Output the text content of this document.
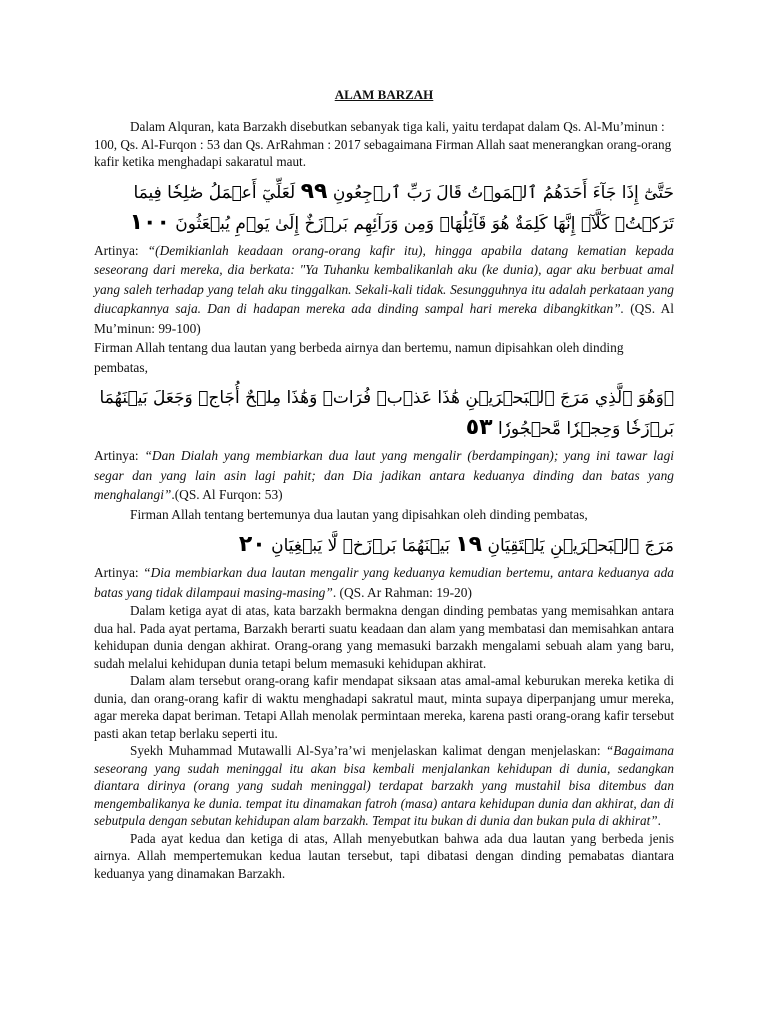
ALAM BARZAH

Dalam Alquran, kata Barzakh disebutkan sebanyak tiga kali, yaitu terdapat dalam Qs. Al-Mu’minun : 100, Qs. Al-Furqon : 53 dan Qs. ArRahman : 2017 sebagaimana Firman Allah saat menerangkan orang-orang kafir ketika menghadapi sakaratul maut.

حَتَّىٰٓ إِذَا جَآءَ أَحَدَهُمُ ٱلۡمَوۡتُ قَالَ رَبِّ ٱرۡجِعُونِ ٩٩ لَعَلِّيٓ أَعۡمَلُ صَٰلِحٗا فِيمَا تَرَكۡتُۚ كَلَّآۚ إِنَّهَا كَلِمَةٌ هُوَ قَآئِلُهَاۖ وَمِن وَرَآئِهِم بَرۡزَخٌ إِلَىٰ يَوۡمِ يُبۡعَثُونَ ١٠٠

Artinya: “(Demikianlah keadaan orang-orang kafir itu), hingga apabila datang kematian kepada seseorang dari mereka, dia berkata: "Ya Tuhanku kembalikanlah aku (ke dunia), agar aku berbuat amal yang saleh terhadap yang telah aku tinggalkan. Sekali-kali tidak. Sesungguhnya itu adalah perkataan yang diucapkannya saja. Dan di hadapan mereka ada dinding sampal hari mereka dibangkitkan”. (QS. Al Mu’minun: 99-100)

Firman Allah tentang dua lautan yang berbeda airnya dan bertemu, namun dipisahkan oleh dinding pembatas,

۞وَهُوَ ٱلَّذِي مَرَجَ ٱلۡبَحۡرَيۡنِ هَٰذَا عَذۡبٞ فُرَاتٞ وَهَٰذَا مِلۡحٌ أُجَاجٞ وَجَعَلَ بَيۡنَهُمَا بَرۡزَخٗا وَحِجۡرٗا مَّحۡجُورٗا ٥٣

Artinya: “Dan Dialah yang membiarkan dua laut yang mengalir (berdampingan); yang ini tawar lagi segar dan yang lain asin lagi pahit; dan Dia jadikan antara keduanya dinding dan batas yang menghalangi”.(QS. Al Furqon: 53)

Firman Allah tentang bertemunya dua lautan yang dipisahkan oleh dinding pembatas,

مَرَجَ ٱلۡبَحۡرَيۡنِ يَلۡتَقِيَانِ ١٩ بَيۡنَهُمَا بَرۡزَخٞ لَّا يَبۡغِيَانِ ٢٠

Artinya: “Dia membiarkan dua lautan mengalir yang keduanya kemudian bertemu, antara keduanya ada batas yang tidak dilampaui masing-masing”. (QS. Ar Rahman: 19-20)

Dalam ketiga ayat di atas, kata barzakh bermakna dengan dinding pembatas yang memisahkan antara dua hal. Pada ayat pertama, Barzakh berarti suatu keadaan dan alam yang membatasi dan memisahkan antara kehidupan dunia dengan akhirat. Orang-orang yang memasuki barzakh mengalami sebuah alam yang baru, sudah melalui kehidupan dunia tetapi belum memasuki kehidupan akhirat.

Dalam alam tersebut orang-orang kafir mendapat siksaan atas amal-amal keburukan mereka ketika di dunia, dan orang-orang kafir di waktu menghadapi sakratul maut, minta supaya diperpanjang umur mereka, agar mereka dapat beriman. Tetapi Allah menolak permintaan mereka, karena pasti orang-orang kafir tersebut pasti akan tetap berlaku seperti itu.

Syekh Muhammad Mutawalli Al-Sya’ra’wi menjelaskan kalimat dengan menjelaskan: “Bagaimana seseorang yang sudah meninggal itu akan bisa kembali menjalankan kehidupan di dunia, sedangkan diantara dirinya (orang yang sudah meninggal) terdapat barzakh yang mustahil bisa ditembus dan mengembalikanya ke dunia. tempat itu dinamakan fatroh (masa) antara kehidupan dunia dan akhirat, dan di sebutpula dengan sebutan kehidupan alam barzakh. Tempat itu bukan di dunia dan bukan pula di akhirat”.

Pada ayat kedua dan ketiga di atas, Allah menyebutkan bahwa ada dua lautan yang berbeda jenis airnya. Allah mempertemukan kedua lautan tersebut, tapi dibatasi dengan dinding pemabatas diantara keduanya yang dinamakan Barzakh.
